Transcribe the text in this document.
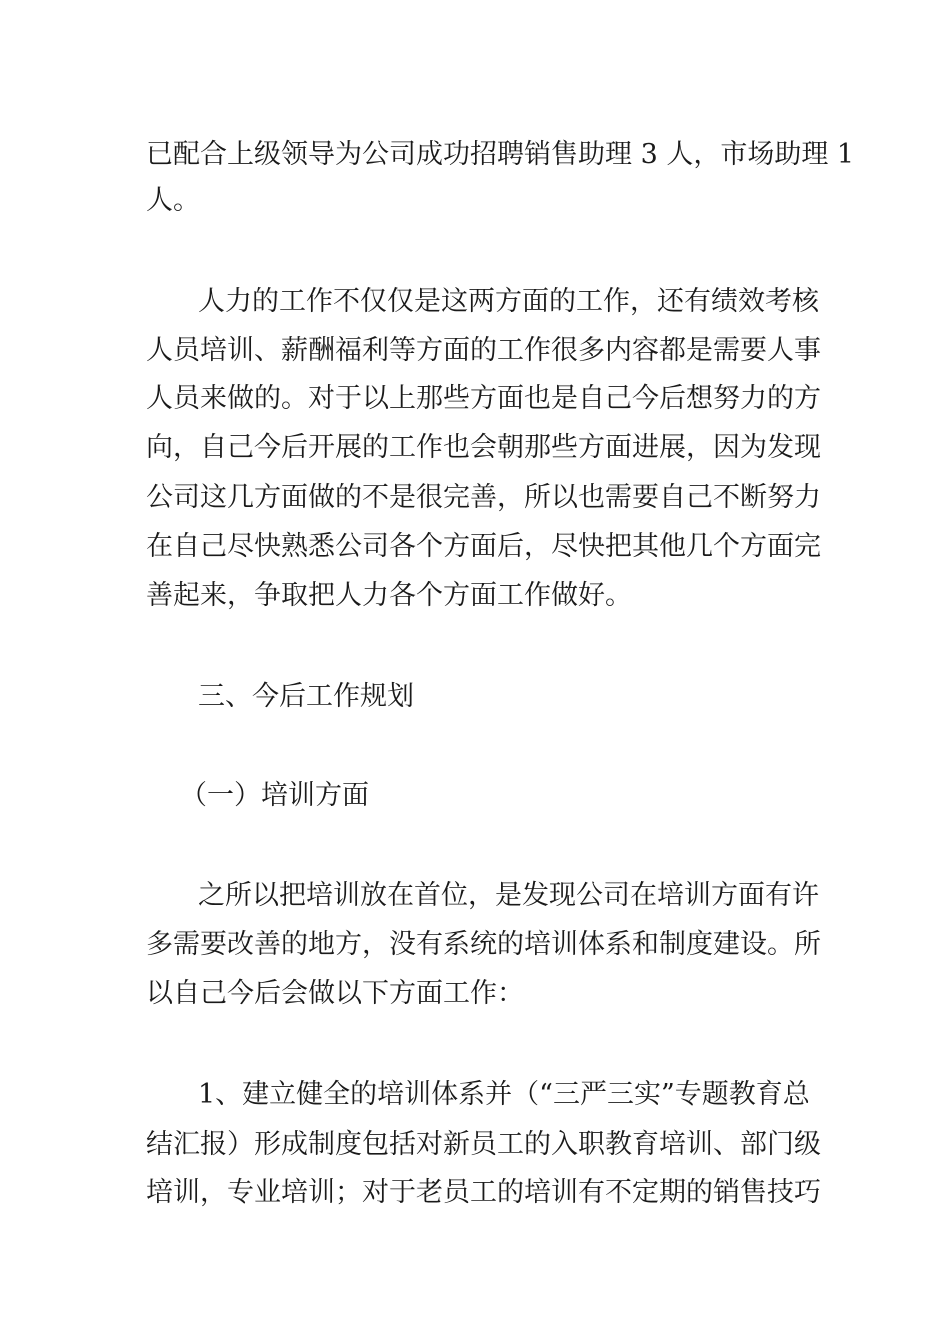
已配合上级领导为公司成功招聘销售助理 3 人，市场助理 1
人。
人力的工作不仅仅是这两方面的工作，还有绩效考核
人员培训、薪酬福利等方面的工作很多内容都是需要人事
人员来做的。对于以上那些方面也是自己今后想努力的方
向，自己今后开展的工作也会朝那些方面进展，因为发现
公司这几方面做的不是很完善，所以也需要自己不断努力
在自己尽快熟悉公司各个方面后，尽快把其他几个方面完
善起来，争取把人力各个方面工作做好。
三、今后工作规划
（一）培训方面
之所以把培训放在首位，是发现公司在培训方面有许
多需要改善的地方，没有系统的培训体系和制度建设。所
以自己今后会做以下方面工作：
1、建立健全的培训体系并（“三严三实”专题教育总
结汇报）形成制度包括对新员工的入职教育培训、部门级
培训，专业培训；对于老员工的培训有不定期的销售技巧
